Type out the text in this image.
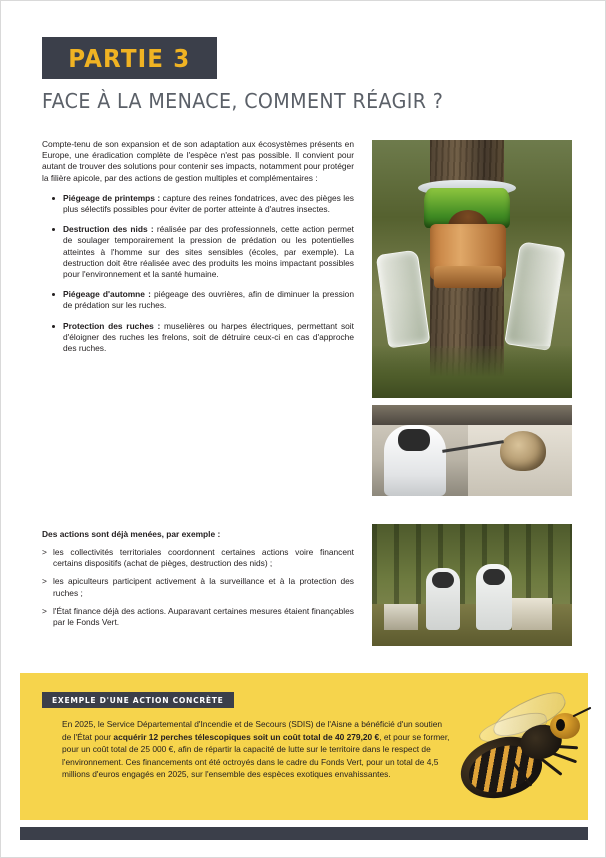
PARTIE 3
FACE À LA MENACE, COMMENT RÉAGIR ?

Compte-tenu de son expansion et de son adaptation aux écosystèmes présents en Europe, une éradication complète de l'espèce n'est pas possible. Il convient pour autant de trouver des solutions pour contenir ses impacts, notamment pour protéger la filière apicole, par des actions de gestion multiples et complémentaires :

Piégeage de printemps : capture des reines fondatrices, avec des pièges les plus sélectifs possibles pour éviter de porter atteinte à d'autres insectes.
Destruction des nids : réalisée par des professionnels, cette action permet de soulager temporairement la pression de prédation ou les potentielles atteintes à l'homme sur des sites sensibles (écoles, par exemple). La destruction doit être réalisée avec des produits les moins impactant possibles pour l'environnement et la santé humaine.
Piégeage d'automne : piégeage des ouvrières, afin de diminuer la pression de prédation sur les ruches.
Protection des ruches : muselières ou harpes électriques, permettant soit d'éloigner des ruches les frelons, soit de détruire ceux-ci en cas d'approche des ruches.
Des actions sont déjà menées, par exemple :
> les collectivités territoriales coordonnent certaines actions voire financent certains dispositifs (achat de pièges, destruction des nids) ;
> les apiculteurs participent activement à la surveillance et à la protection des ruches ;
> l'État finance déjà des actions. Auparavant certaines mesures étaient finançables par le Fonds Vert.
EXEMPLE D'UNE ACTION CONCRÈTE
En 2025, le Service Départemental d'Incendie et de Secours (SDIS) de l'Aisne a bénéficié d'un soutien de l'État pour acquérir 12 perches télescopiques soit un coût total de 40 279,20 €, et pour se former, pour un coût total de 25 000 €, afin de répartir la capacité de lutte sur le territoire dans le respect de l'environnement. Ces financements ont été octroyés dans le cadre du Fonds Vert, pour un total de 4,5 millions d'euros engagés en 2025, sur l'ensemble des espèces exotiques envahissantes.
